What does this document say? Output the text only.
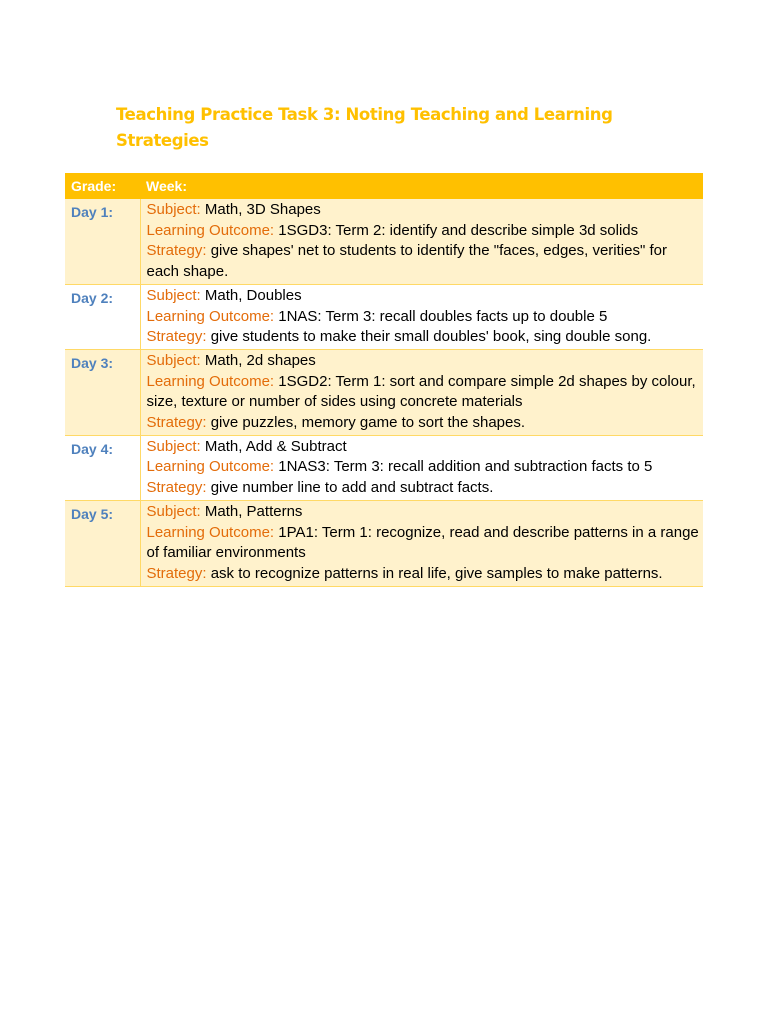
Teaching Practice Task 3: Noting Teaching and Learning Strategies
Grade:	Week:
Day 1:	Subject: Math, 3D Shapes
Learning Outcome: 1SGD3: Term 2: identify and describe simple 3d solids
Strategy: give shapes' net to students to identify the "faces, edges, verities" for each shape.

Day 2:	Subject: Math, Doubles
Learning Outcome: 1NAS: Term 3: recall doubles facts up to double 5
Strategy: give students to make their small doubles' book, sing double song.

Day 3:	Subject: Math, 2d shapes
Learning Outcome: 1SGD2: Term 1: sort and compare simple 2d shapes by colour, size, texture or number of sides using concrete materials
Strategy: give puzzles, memory game to sort the shapes.

Day 4:	Subject: Math, Add & Subtract
Learning Outcome: 1NAS3: Term 3: recall addition and subtraction facts to 5
Strategy: give number line to add and subtract facts.

Day 5:	Subject: Math, Patterns
Learning Outcome: 1PA1: Term 1: recognize, read and describe patterns in a range of familiar environments
Strategy: ask to recognize patterns in real life, give samples to make patterns.
